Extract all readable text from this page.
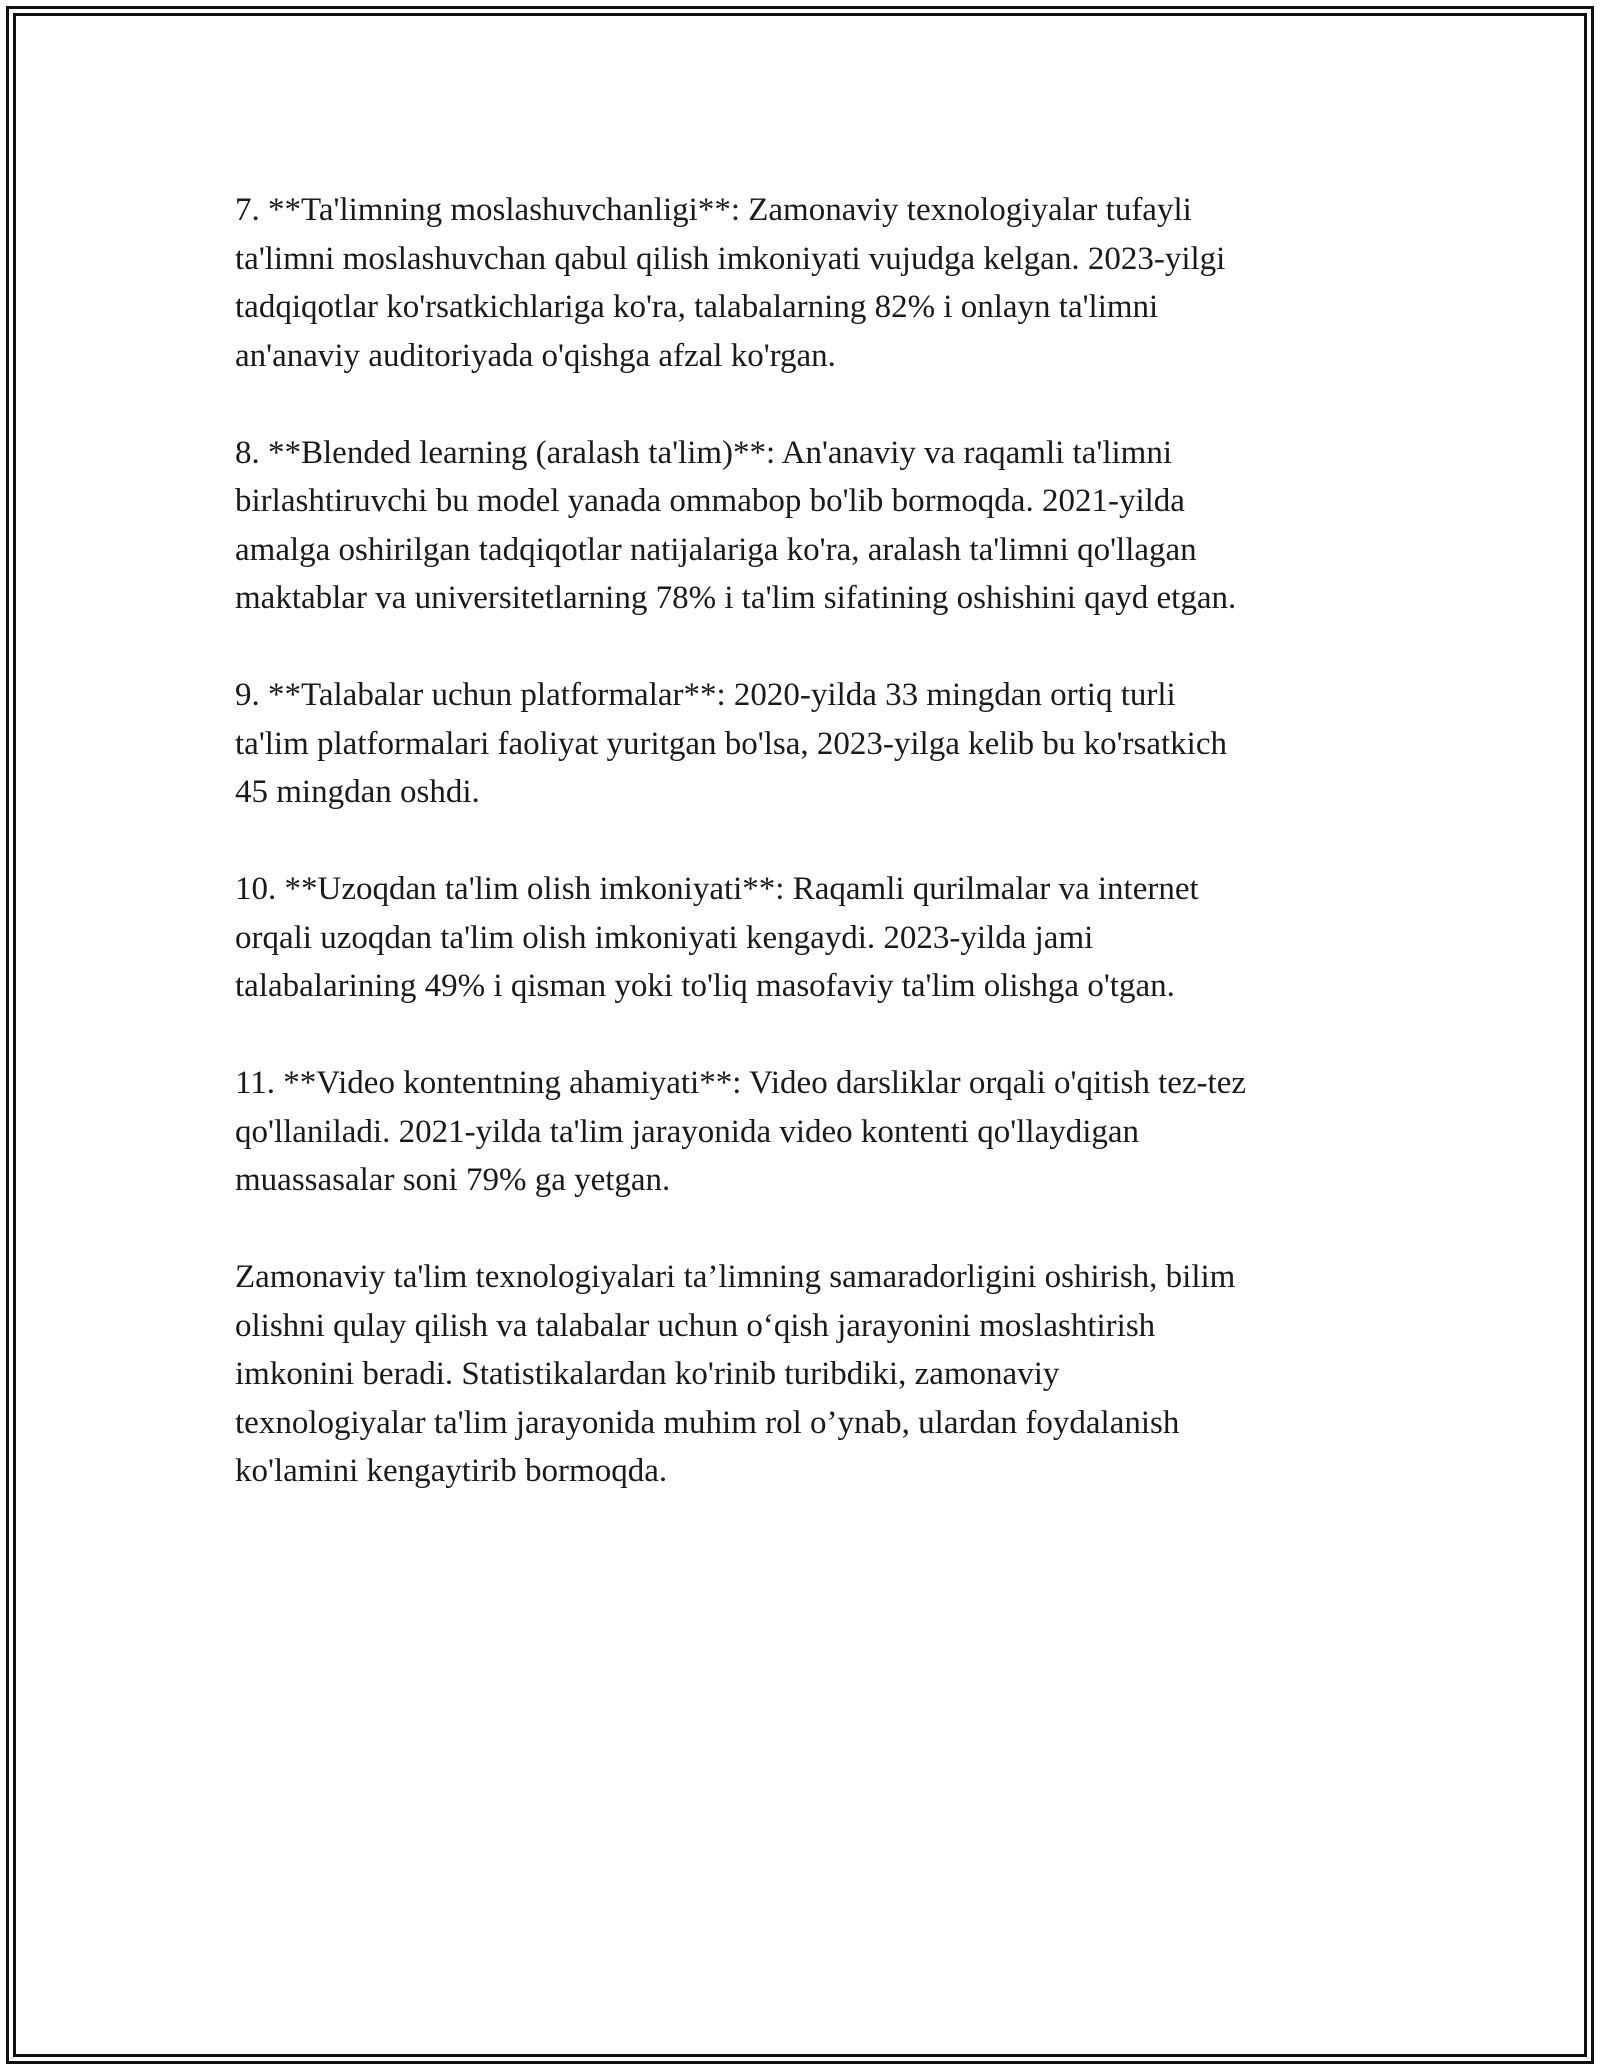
7. **Ta'limning moslashuvchanligi**: Zamonaviy texnologiyalar tufayli
ta'limni moslashuvchan qabul qilish imkoniyati vujudga kelgan. 2023-yilgi
tadqiqotlar ko'rsatkichlariga ko'ra, talabalarning 82% i onlayn ta'limni
an'anaviy auditoriyada o'qishga afzal ko'rgan.

8. **Blended learning (aralash ta'lim)**: An'anaviy va raqamli ta'limni
birlashtiruvchi bu model yanada ommabop bo'lib bormoqda. 2021-yilda
amalga oshirilgan tadqiqotlar natijalariga ko'ra, aralash ta'limni qo'llagan
maktablar va universitetlarning 78% i ta'lim sifatining oshishini qayd etgan.

9. **Talabalar uchun platformalar**: 2020-yilda 33 mingdan ortiq turli
ta'lim platformalari faoliyat yuritgan bo'lsa, 2023-yilga kelib bu ko'rsatkich
45 mingdan oshdi.

10. **Uzoqdan ta'lim olish imkoniyati**: Raqamli qurilmalar va internet
orqali uzoqdan ta'lim olish imkoniyati kengaydi. 2023-yilda jami
talabalarining 49% i qisman yoki to'liq masofaviy ta'lim olishga o'tgan.

11. **Video kontentning ahamiyati**: Video darsliklar orqali o'qitish tez-tez
qo'llaniladi. 2021-yilda ta'lim jarayonida video kontenti qo'llaydigan
muassasalar soni 79% ga yetgan.

Zamonaviy ta'lim texnologiyalari ta’limning samaradorligini oshirish, bilim
olishni qulay qilish va talabalar uchun o‘qish jarayonini moslashtirish
imkonini beradi. Statistikalardan ko'rinib turibdiki, zamonaviy
texnologiyalar ta'lim jarayonida muhim rol o’ynab, ulardan foydalanish
ko'lamini kengaytirib bormoqda.
